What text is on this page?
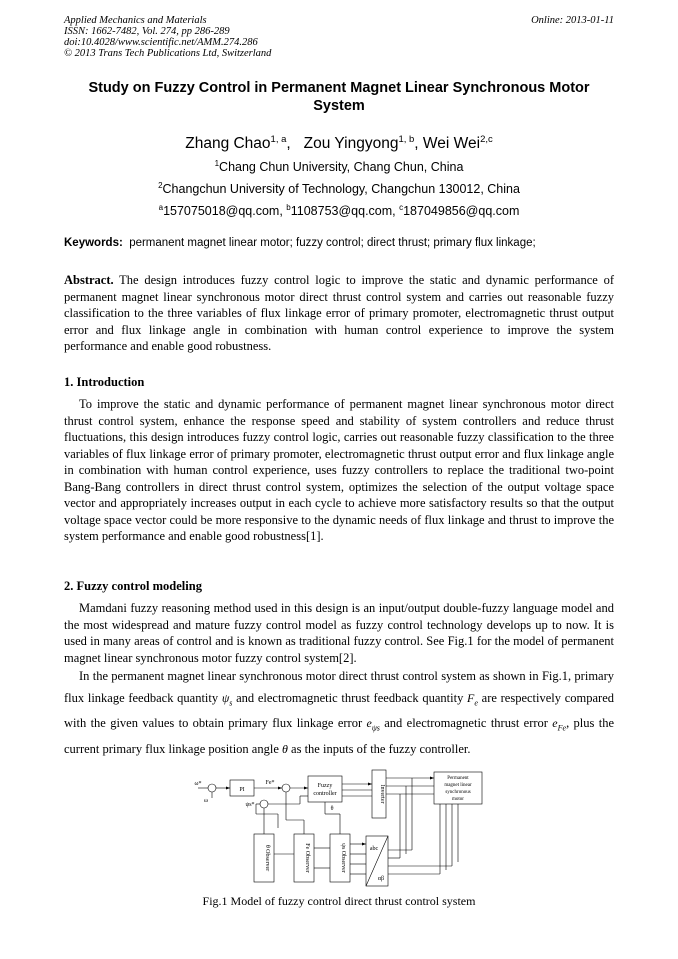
Applied Mechanics and Materials
ISSN: 1662-7482, Vol. 274, pp 286-289
doi:10.4028/www.scientific.net/AMM.274.286
© 2013 Trans Tech Publications Ltd, Switzerland
Online: 2013-01-11
Study on Fuzzy Control in Permanent Magnet Linear Synchronous Motor
System
Zhang Chao$^{1, a}$,   Zou Yingyong$^{1, b}$, Wei Wei$^{2,c}$
$^1$Chang Chun University, Chang Chun, China
$^2$Changchun University of Technology, Changchun 130012, China
$^a$157075018@qq.com, $^b$1108753@qq.com, $^c$187049856@qq.com
Keywords: permanent magnet linear motor; fuzzy control; direct thrust; primary flux linkage;
Abstract. The design introduces fuzzy control logic to improve the static and dynamic performance of permanent magnet linear synchronous motor direct thrust control system and carries out reasonable fuzzy classification to the three variables of flux linkage error of primary promoter, electromagnetic thrust output error and flux linkage angle in combination with human control experience to improve the system performance and enable good robustness.
1. Introduction
To improve the static and dynamic performance of permanent magnet linear synchronous motor direct thrust control system, enhance the response speed and stability of system controllers and reduce thrust fluctuations, this design introduces fuzzy control logic, carries out reasonable fuzzy classification to the three variables of flux linkage error of primary promoter, electromagnetic thrust output error and flux linkage angle in combination with human control experience, uses fuzzy controllers to replace the traditional two-point Bang-Bang controllers in direct thrust control system, optimizes the selection of the output voltage space vector and appropriately increases output in each cycle to achieve more satisfactory results so that the output voltage space vector could be more responsive to the dynamic needs of flux linkage and thrust to improve the system performance and enable good robustness[1].
2. Fuzzy control modeling
Mamdani fuzzy reasoning method used in this design is an input/output double-fuzzy language model and the most widespread and mature fuzzy control model as fuzzy control technology develops up to now. It is used in many areas of control and is known as traditional fuzzy control. See Fig.1 for the model of permanent magnet linear synchronous motor fuzzy control system[2].
In the permanent magnet linear synchronous motor direct thrust control system as shown in Fig.1, primary flux linkage feedback quantity $\psi_s$ and electromagnetic thrust feedback quantity $F_e$ are respectively compared with the given values to obtain primary flux linkage error $e_{\psi s}$ and electromagnetic thrust error $e_{Fe}$, plus the current primary flux linkage position angle θ as the inputs of the fuzzy controller.
PI
Fuzzy
controller	Inverter
Permanent
magnet linear
synchronous
motor
θ Observer	Fe Observer	ψs Observer	abc
αβ
ω*
ω
Fe*
ψs*
θ
Fig.1 Model of fuzzy control direct thrust control system
